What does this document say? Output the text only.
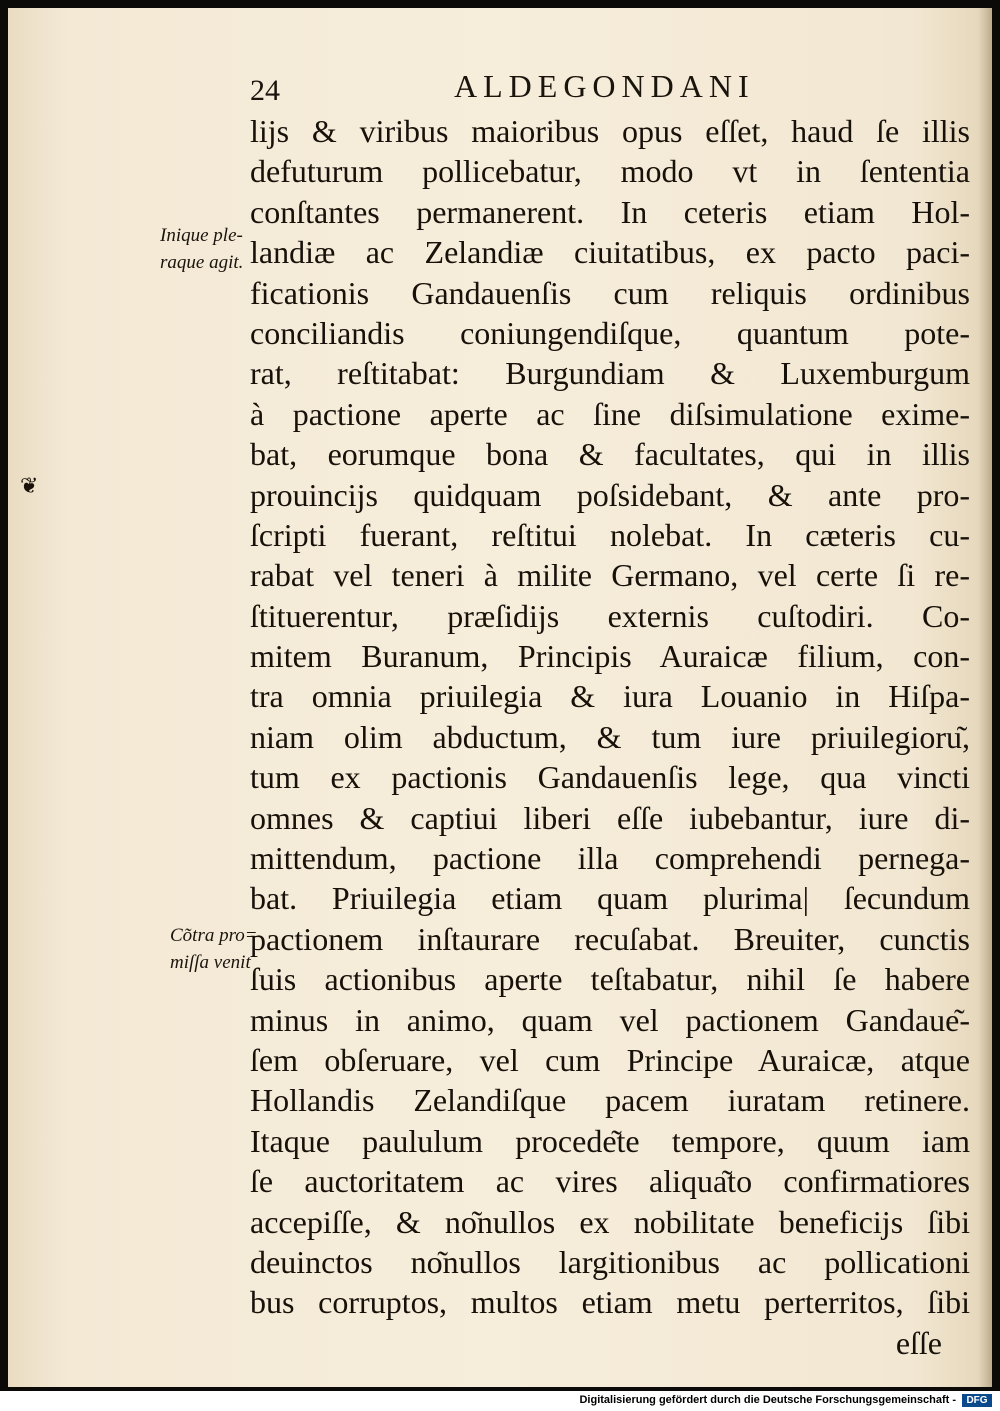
❦
24	ALDEGONDANI
Inique ple-
raque agit.
Co͂tra pro=
miſſa venit
lijs & viribus maioribus opus eſſet, haud ſe illis
defuturum pollicebatur, modo vt in ſententia
conſtantes permanerent. In ceteris etiam Hol-
landiæ ac Zelandiæ ciuitatibus, ex pacto paci-
ficationis Gandauenſis cum reliquis ordinibus
conciliandis coniungendiſque, quantum pote-
rat, reſtitabat: Burgundiam & Luxemburgum
à pactione aperte ac ſine diſsimulatione exime-
bat, eorumque bona & facultates, qui in illis
prouincijs quidquam poſsidebant, & ante pro-
ſcripti fuerant, reſtitui nolebat. In cæteris cu-
rabat vel teneri à milite Germano, vel certe ſi re-
ſtituerentur, præſidijs externis cuſtodiri. Co-
mitem Buranum, Principis Auraicæ filium, con-
tra omnia priuilegia & iura Louanio in Hiſpa-
niam olim abductum, & tum iure priuilegioru͂,
tum ex pactionis Gandauenſis lege, qua vincti
omnes & captiui liberi eſſe iubebantur, iure di-
mittendum, pactione illa comprehendi pernega-
bat. Priuilegia etiam quam plurima| ſecundum
pactionem inſtaurare recuſabat. Breuiter, cunctis
ſuis actionibus aperte teſtabatur, nihil ſe habere
minus in animo, quam vel pactionem Gandaue͂-
ſem obſeruare, vel cum Principe Auraicæ, atque
Hollandis Zelandiſque pacem iuratam retinere.
Itaque paululum procede͂te tempore, quum iam
ſe auctoritatem ac vires aliqua͂to confirmatiores
accepiſſe, & no͂nullos ex nobilitate beneficijs ſibi
deuinctos no͂nullos largitionibus ac pollicationi
bus corruptos, multos etiam metu perterritos, ſibi
eſſe
Digitalisierung gefördert durch die Deutsche Forschungsgemeinschaft -	DFG
